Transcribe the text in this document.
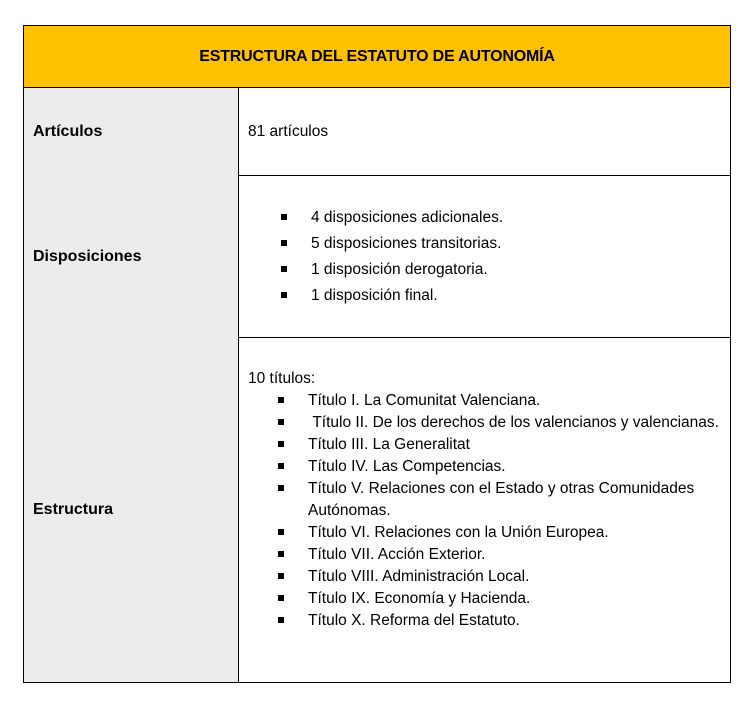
ESTRUCTURA DEL ESTATUTO DE AUTONOMÍA
Artículos	81 artículos
Disposiciones
4 disposiciones adicionales.
5 disposiciones transitorias.
1 disposición derogatoria.
1 disposición final.
Estructura
10 títulos:
Título I. La Comunitat Valenciana.
Título II. De los derechos de los valencianos y valencianas.
Título III. La Generalitat
Título IV. Las Competencias.
Título V. Relaciones con el Estado y otras Comunidades Autónomas.
Título VI. Relaciones con la Unión Europea.
Título VII. Acción Exterior.
Título VIII. Administración Local.
Título IX. Economía y Hacienda.
Título X. Reforma del Estatuto.
